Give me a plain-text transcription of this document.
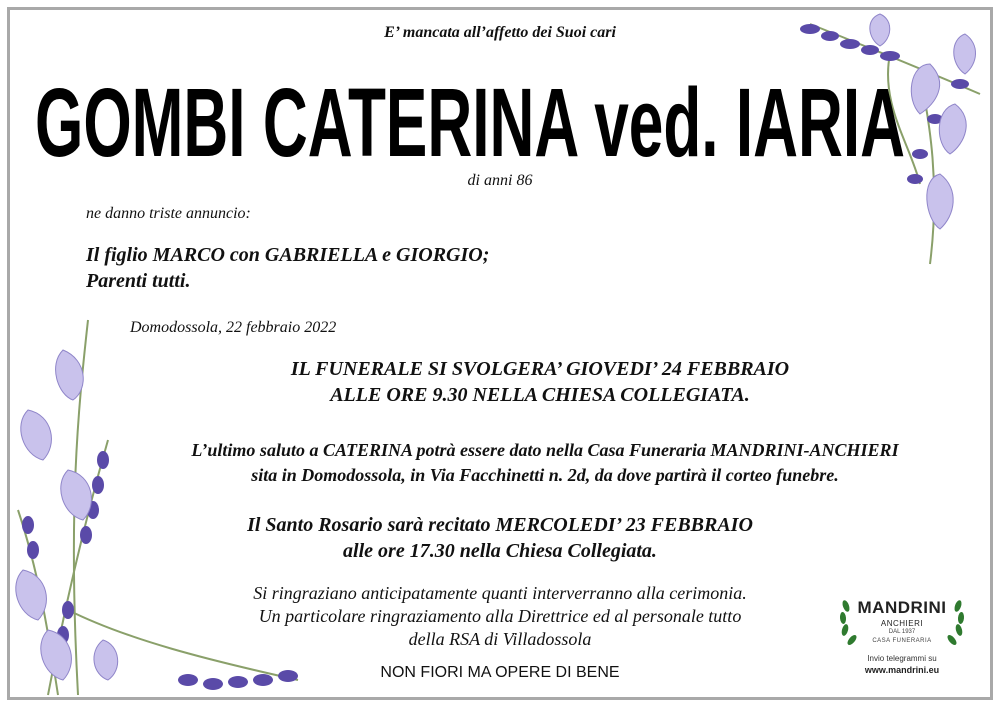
E’ mancata all’affetto dei Suoi cari
GOMBI CATERINA ved. IARIA
di anni 86
ne danno triste annuncio:
Il figlio MARCO con GABRIELLA e GIORGIO;
Parenti tutti.
Domodossola, 22 febbraio 2022
IL FUNERALE SI SVOLGERA’ GIOVEDI’ 24 FEBBRAIO
ALLE ORE 9.30 NELLA CHIESA COLLEGIATA.
L’ultimo saluto a CATERINA potrà essere dato nella Casa Funeraria MANDRINI-ANCHIERI
sita in Domodossola, in Via Facchinetti n. 2d, da dove partirà il corteo funebre.
Il Santo Rosario sarà recitato MERCOLEDI’ 23 FEBBRAIO
alle ore 17.30 nella Chiesa Collegiata.
Si ringraziano anticipatamente quanti interverranno alla cerimonia.
Un particolare ringraziamento alla Direttrice ed al personale tutto
della RSA di Villadossola
NON FIORI MA OPERE DI BENE
MANDRINI
ANCHIERI
DAL 1937
CASA FUNERARIA
Invio telegrammi su
www.mandrini.eu
